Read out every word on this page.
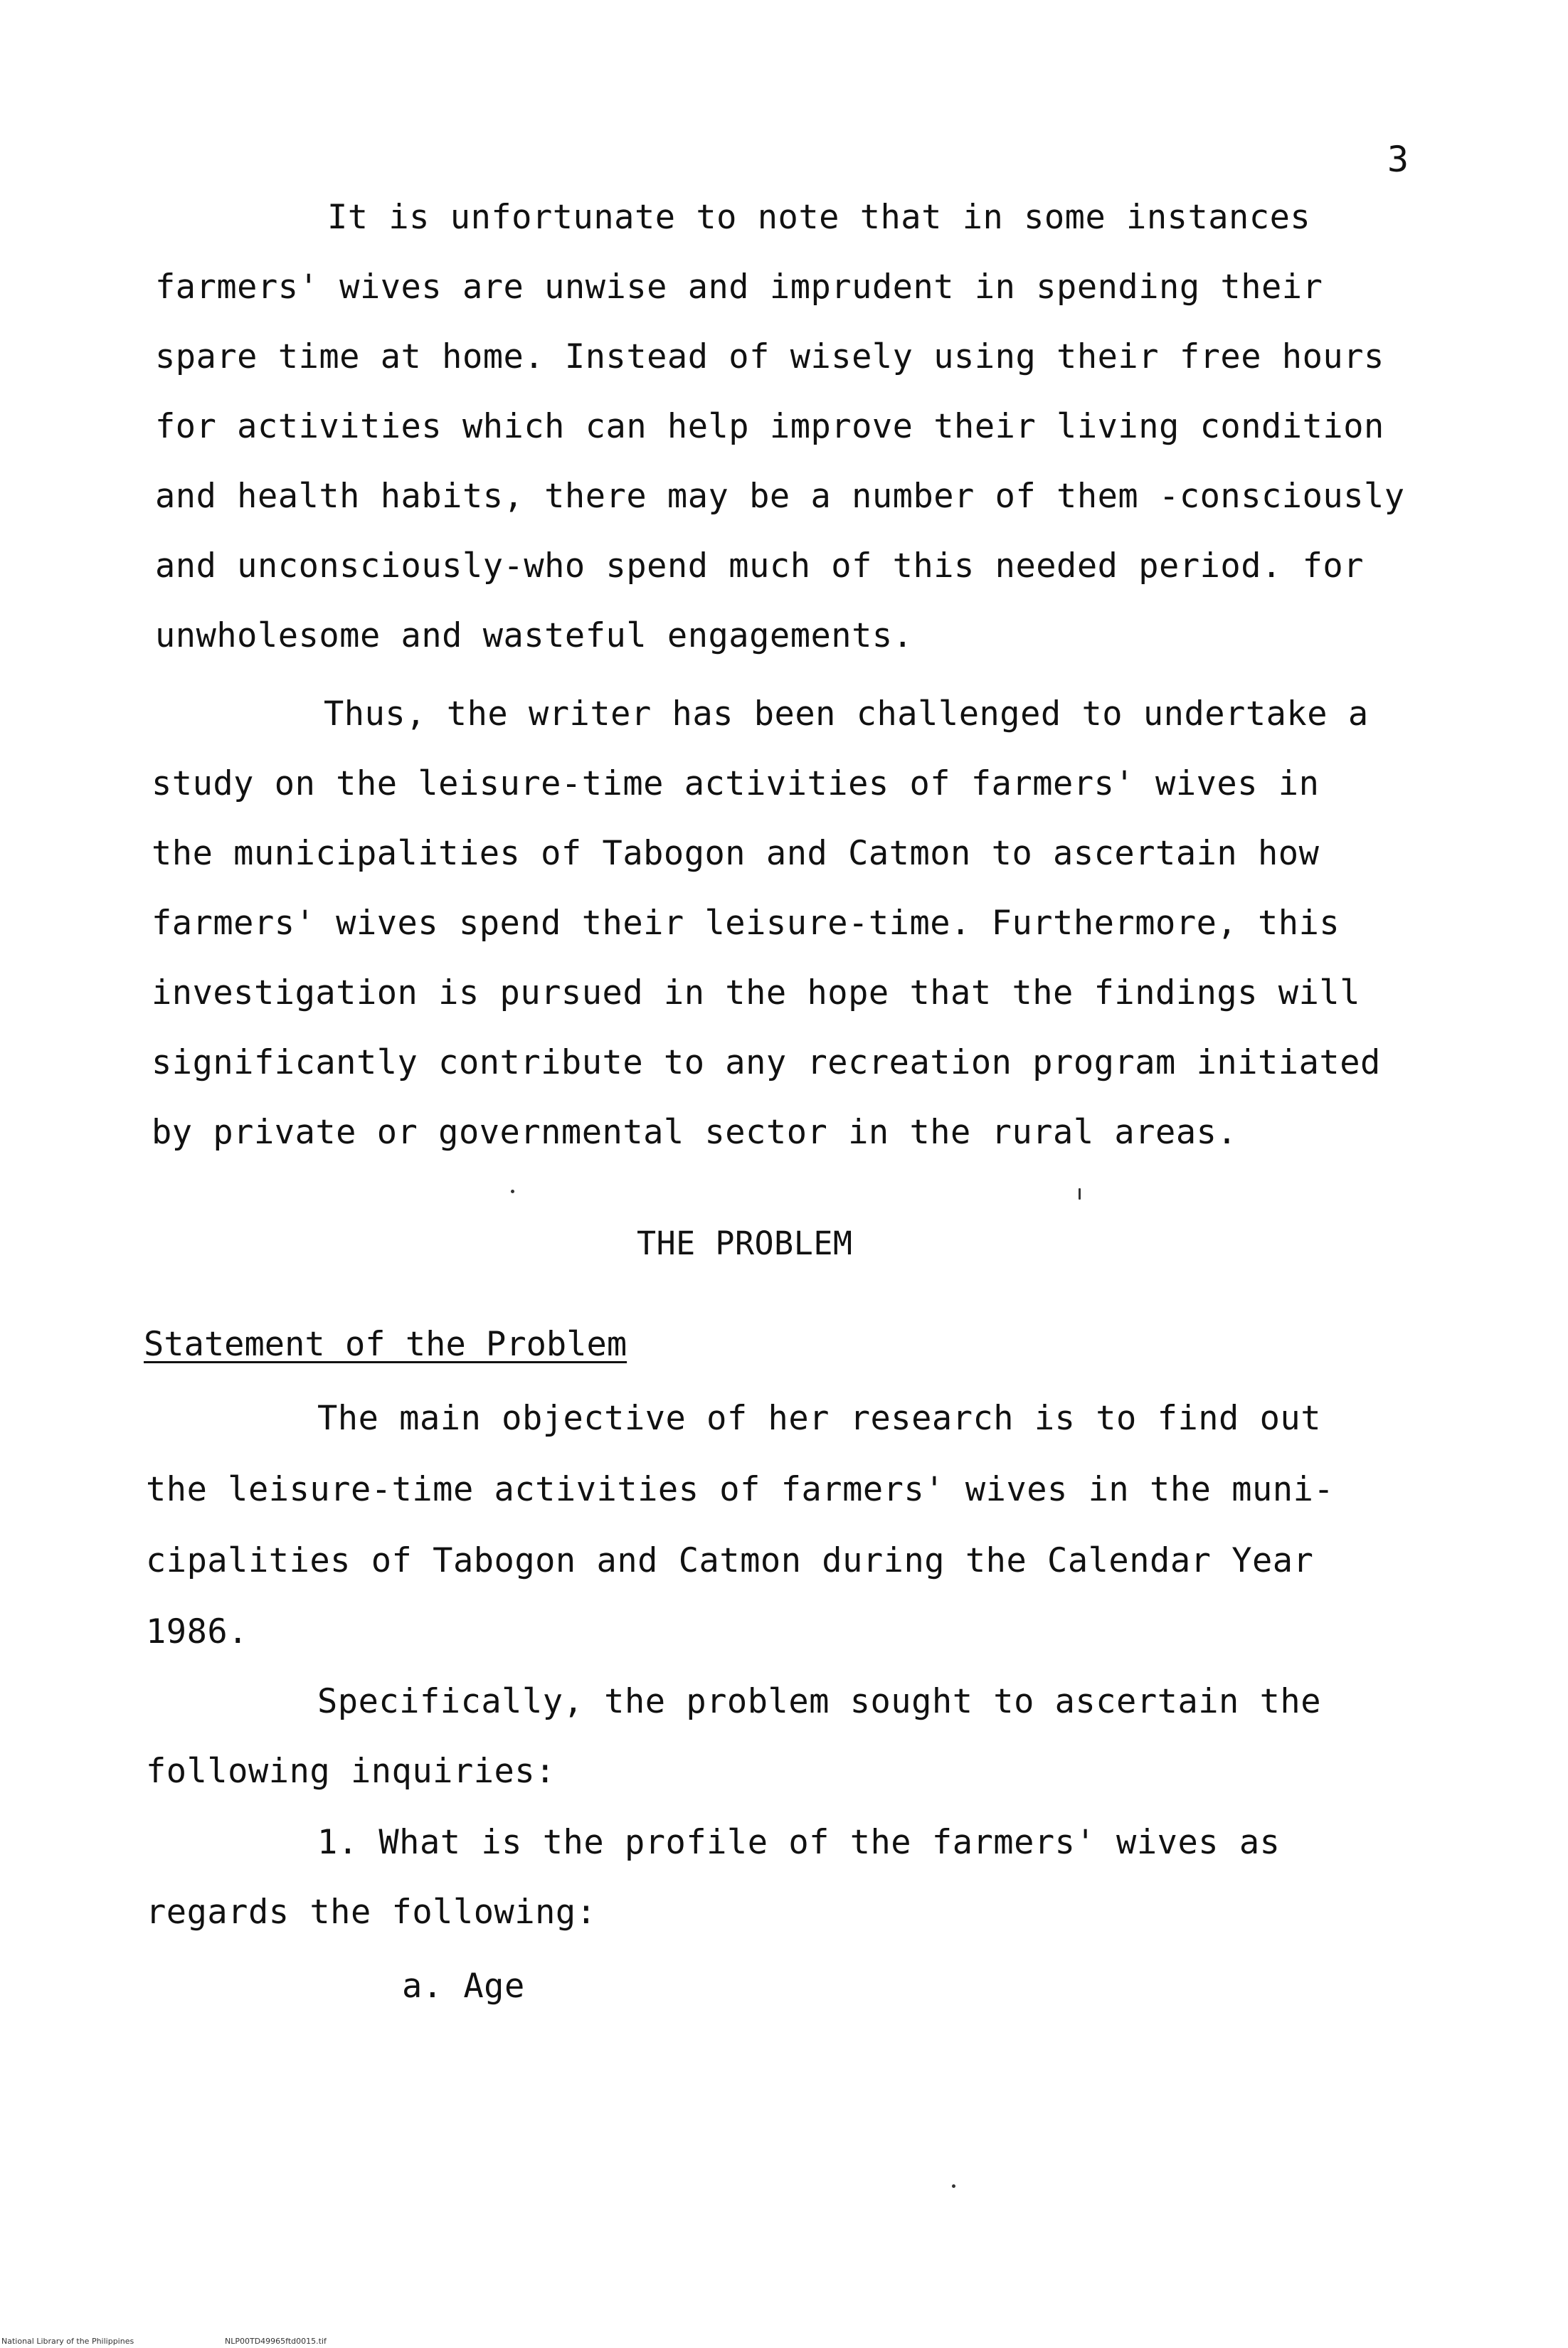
3
It is unfortunate to note that in some instances
farmers' wives are unwise and imprudent in spending their
spare time at home. Instead of wisely using their free hours
for activities which can help improve their living condition
and health habits, there may be a number of them -consciously
and unconsciously-who spend much of this needed period. for
unwholesome and wasteful engagements.
Thus, the writer has been challenged to undertake a
study on the leisure-time activities of farmers' wives in
the municipalities of Tabogon and Catmon to ascertain how
farmers' wives spend their leisure-time. Furthermore, this
investigation is pursued in the hope that the findings will
significantly contribute to any recreation program initiated
by private or governmental sector in the rural areas.
THE PROBLEM
Statement of the Problem
The main objective of her research is to find out
the leisure-time activities of farmers' wives in the muni-
cipalities of Tabogon and Catmon during the Calendar Year
1986.
Specifically, the problem sought to ascertain the
following inquiries:
1. What is the profile of the farmers' wives as
regards the following:
a. Age
National Library of the Philippines	NLP00TD49965ftd0015.tif
